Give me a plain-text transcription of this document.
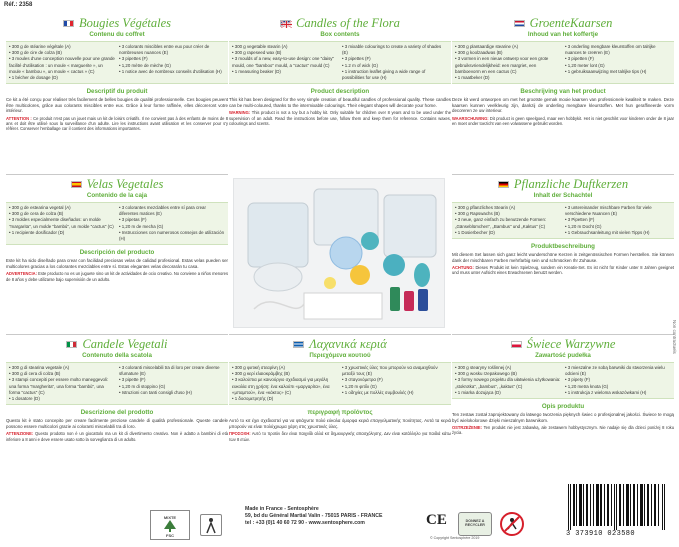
Réf.: 2358
Bougies Végétales
Contenu du coffret
• 300 g de stéarine végétale (A)
• 300 g de cire de colza (B)
• 3 moules d'une conception nouvelle pour une grande facilité d'utilisation : un moule « marguerite », un moule « bambou », un moule « cactus » (C)
• 1 bécher de dosage (D)
• 3 colorants miscibles entre eux pour créer de nombreuses nuances (E)
• 3 pipettes (F)
• 1,20 mètre de mèche (G)
• 1 notice avec de nombreux conseils d'utilisation (H)
Descriptif du produit
Ce kit a été conçu pour réaliser très facilement de belles bougies de qualité professionnelle. Ces bougies peuvent être multicolores, grâce aux colorants miscibles entre eux. Grâce à leur forme raffinée, elles décoreront votre intérieur.
ATTENTION : Ce produit n'est pas un jouet mais un kit de loisirs créatifs. Il ne convient pas à des enfants de moins de 8 ans et doit être utilisé sous la surveillance d'un adulte. Lire les instructions avant utilisation et les conserver pour s'y référer. Conserver l'emballage car il contient des informations importantes.
Candles of the Flora
Box contents
• 300 g vegetable stearin (A)
• 300 g rapeseed wax (B)
• 3 moulds of a new, easy-to-use design: one "daisy" mould, one "bamboo" mould, a "cactus" mould (C)
• 1 measuring beaker (D)
• 3 mixable colourings to create a variety of shades (E)
• 3 pipettes (F)
• 1.2 m of wick (G)
• 1 instruction leaflet giving a wide range of possibilities for use (H)
Product description
This kit has been designed for the very simple creation of beautiful candles of professional quality. These candles can be multi-coloured, thanks to the intermixable colourings. Their elegant shapes will decorate your home.
WARNING: This product is not a toy but a hobby kit. Only suitable for children over 8 years and to be used under the supervision of an adult. Read the instructions before use, follow them and keep them for reference. Contains waxes, colourings and scents.
GroenteKaarsen
Inhoud van het koffertje
• 300 g plantaardige stearine (A)
• 300 g koolzaadwas (B)
• 3 vormen in een nieuw ontwerp voor een grote gebruiksvriendelijkheid: een margriet, een bamboevorm en een cactus (C)
• 1 maatbeker (D)
• 3 onderling mengbare kleurstoffen om talrijke nuances te creëren (E)
• 3 pipetten (F)
• 1,20 meter lont (G)
• 1 gebruiksaanwijzing met talrijke tips (H)
Beschrijving van het product
Deze kit werd ontworpen om met het grootste gemak mooie kaarsen van professionele kwaliteit te maken. Deze kaarsen kunnen veelkleurig zijn, dankzij de onderling mengbare kleurstoffen. Met hun geraffineerde vorm decoreren ze uw interieur.
WAARSCHUWING: Dit product is geen speelgoed, maar een hobbykit. Het is niet geschikt voor kinderen onder de 8 jaar en moet onder toezicht van een volwassene gebruikt worden.
Velas Vegetales
Contenido de la caja
• 300 g de estearina vegetal (A)
• 300 g de cera de colza (B)
• 3 moldes especialmente diseñados: un molde "margarita", un molde "bambú", un molde "cactus" (C)
• 1 recipiente dosificador (D)
• 3 colorantes mezclables entre sí para crear diferentes matices (E)
• 3 pipetas (F)
• 1,20 m de mecha (G)
• Instrucciones con numerosos consejos de utilización (H)
Descripción del producto
Este kit ha sido diseñado para crear con facilidad preciosas velas de calidad profesional. Estas velas pueden ser multicolores gracias a los colorantes mezclables entre sí. Estas elegantes velas decorarán tu casa.
ADVERTENCIA: Este producto no es un juguete sino un kit de actividades de ocio creativo. No conviene a niños menores de 8 años y debe utilizarse bajo supervisión de un adulto.
Pflanzliche Duftkerzen
Inhalt der Schachtel
• 300 g pflanzliches Stearin (A)
• 300 g Rapswachs (B)
• 3 neue, ganz einfach zu benutzende Formen: „Gänseblümchen", „Bambus" und „Kaktus" (C)
• 1 Dosierbecher (D)
• 3 untereinander mischbare Farben für viele verschiedene Nuancen (E)
• 3 Pipetten (F)
• 1,20 m Docht (G)
• 1 Gebrauchsanleitung mit vielen Tipps (H)
Produktbeschreibung
Mit diesem Set lassen sich ganz leicht wunderschöne Kerzen in zeitgenössischen Formen herstellen. Sie können dank der mischbaren Farben mehrfarbig sein und schmücken Ihr Zuhause.
ACHTUNG: Dieses Produkt ist kein Spielzeug, sondern ein Kreativ-Set. Es ist nicht für Kinder unter 8 Jahren geeignet und muss unter Aufsicht eines Erwachsenen benutzt werden.
Candele Vegetali
Contenuto della scatola
• 300 g di stearina vegetale (A)
• 300 g di cera di colza (B)
• 3 stampi concepiti per essere molto maneggevoli: una forma "margherita", una forma "bambù", una forma "cactus" (C)
• 1 dosatore (D)
• 3 coloranti miscelabili tra di loro per creare diverse sfumature (E)
• 3 pipette (F)
• 1,20 m di stoppino (G)
• Istruzioni con tanti consigli d'uso (H)
Descrizione del prodotto
Questo kit è stato concepito per creare facilmente preziose candele di qualità professionale. Queste candele possono essere multicolori grazie ai coloranti miscelabili tra di loro.
ATTENZIONE: Questo prodotto non è un giocattolo ma un kit di divertimento creativo. Non è adatto a bambini di età inferiore a 8 anni e deve essere usato sotto la sorveglianza di un adulto.
Λαχανικά κεριά
Περιεχόμενα κουτιού
• 300 g φυτική στεαρίνη (A)
• 300 g κερί ελαιοκράμβης (B)
• 3 καλούπια με καινούργιο σχεδιασμό για μεγάλη ευκολία στη χρήση: ένα καλούπι «μαργαρίτα», ένα «μπαμπού», ένα «κάκτος» (C)
• 1 δοσομετρητής (D)
• 3 χρωστικές ύλες που μπορούν να αναμειχθούν μεταξύ τους (E)
• 3 σταγονόμετρα (F)
• 1,20 m φιτίλι (G)
• 1 οδηγίες με πολλές συμβουλές (H)
περιγραφή προϊόντος
Αυτό το κιτ έχει σχεδιαστεί για να φτιάχνετε πολύ εύκολα όμορφα κεριά επαγγελματικής ποιότητας. Αυτά τα κεριά μπορούν να είναι πολύχρωμα χάρη στις χρωστικές ύλες.
ΠΡΟΣΟΧΗ: Αυτό το προϊόν δεν είναι παιχνίδι αλλά κιτ δημιουργικής απασχόλησης. Δεν είναι κατάλληλο για παιδιά κάτω των 8 ετών.
Świece Warzywne
Zawartość pudełka
• 300 g stearyny roślinnej (A)
• 300 g wosku rzepakowego (B)
• 3 formy nowego projektu dla ułatwienia użytkowania: „stokrotka", „bambus", „kaktus" (C)
• 1 miarka dozująca (D)
• 3 mieszalne ze sobą barwniki do stworzenia wielu odcieni (E)
• 3 pipety (F)
• 1,20 metra knota (G)
• 1 instrukcja z wieloma wskazówkami (H)
Opis produktu
Ten zestaw został zaprojektowany do łatwego tworzenia pięknych świec o profesjonalnej jakości. Świece te mogą być wielokolorowe dzięki mieszalnym barwnikom.
OSTRZEŻENIE: Ten produkt nie jest zabawką, ale zestawem hobbystycznym. Nie nadaje się dla dzieci poniżej 8 roku życia.
MIXTE
FSC
Made in France - Sentosphère
59, bd du Général Martial Valin - 75015 PARIS - FRANCE
tel : +33 (0)1 40 60 72 90 - www.sentosphere.com	CE	DONNEZ A RECYCLER
© Copyright Sentosphère 2019	3 373910 023580
Non contractuels
